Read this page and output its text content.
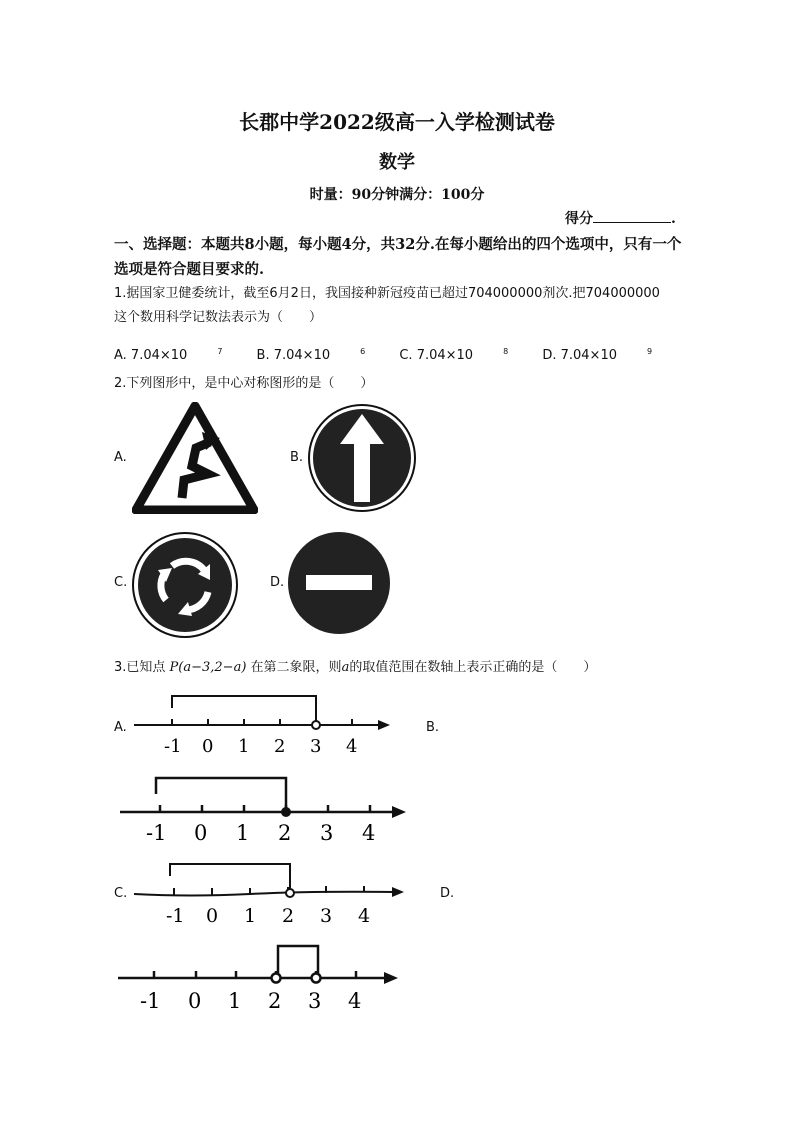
长郡中学2022级高一入学检测试卷
数学
时量：90分钟满分：100分
得分	.
一、选择题：本题共8小题，每小题4分，共32分.在每小题给出的四个选项中，只有一个选项是符合题目要求的.
1.据国家卫健委统计，截至6月2日，我国接种新冠疫苗已超过704000000剂次.把704000000
这个数用科学记数法表示为（　　）
A. 7.04×10	$^7$	B. 7.04×10	$^6$	C. 7.04×10	$^8$	D. 7.04×10	$^9$
2.下列图形中，是中心对称图形的是（　　）
A.	B.
C.	D.
3.已知点 P(a−3,2−a) 在第二象限，则a的取值范围在数轴上表示正确的是（　　）
A.	B.
C.	D.
-1 0 1 2 3 4
-1 0 1 2 3 4
-1 0 1 2 3 4
-1 0 1 2 3 4
